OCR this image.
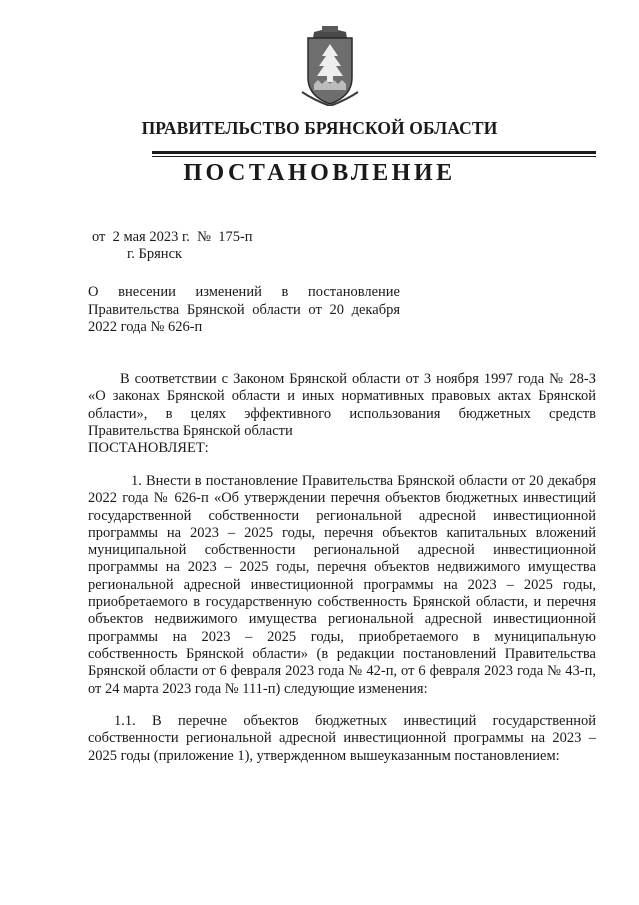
ПРАВИТЕЛЬСТВО БРЯНСКОЙ ОБЛАСТИ
ПОСТАНОВЛЕНИЕ
от  2 мая 2023 г.  №  175-п
г. Брянск
О внесении изменений в постановление Правительства Брянской области от 20 декабря 2022 года № 626-п

В соответствии с Законом Брянской области от 3 ноября 1997 года № 28-З «О законах Брянской области и иных нормативных правовых актах Брянской области», в целях эффективного использования бюджетных средств Правительства Брянской области

ПОСТАНОВЛЯЕТ:

1. Внести в постановление Правительства Брянской области от 20 декабря 2022 года № 626-п «Об утверждении перечня объектов бюджетных инвестиций государственной собственности региональной адресной инвестиционной программы на 2023 – 2025 годы, перечня объектов капитальных вложений муниципальной собственности региональной адресной инвестиционной программы на 2023 – 2025 годы, перечня объектов недвижимого имущества региональной адресной инвестиционной программы на 2023 – 2025 годы, приобретаемого в государственную собственность Брянской области, и перечня объектов недвижимого имущества региональной адресной инвестиционной программы на 2023 – 2025 годы, приобретаемого в муниципальную собственность Брянской области» (в редакции постановлений Правительства Брянской области от 6 февраля 2023 года № 42-п, от 6 февраля 2023 года № 43-п, от 24 марта 2023 года № 111-п) следующие изменения:

1.1. В перечне объектов бюджетных инвестиций государственной собственности региональной адресной инвестиционной программы на 2023 – 2025 годы (приложение 1), утвержденном вышеуказанным постановлением:
